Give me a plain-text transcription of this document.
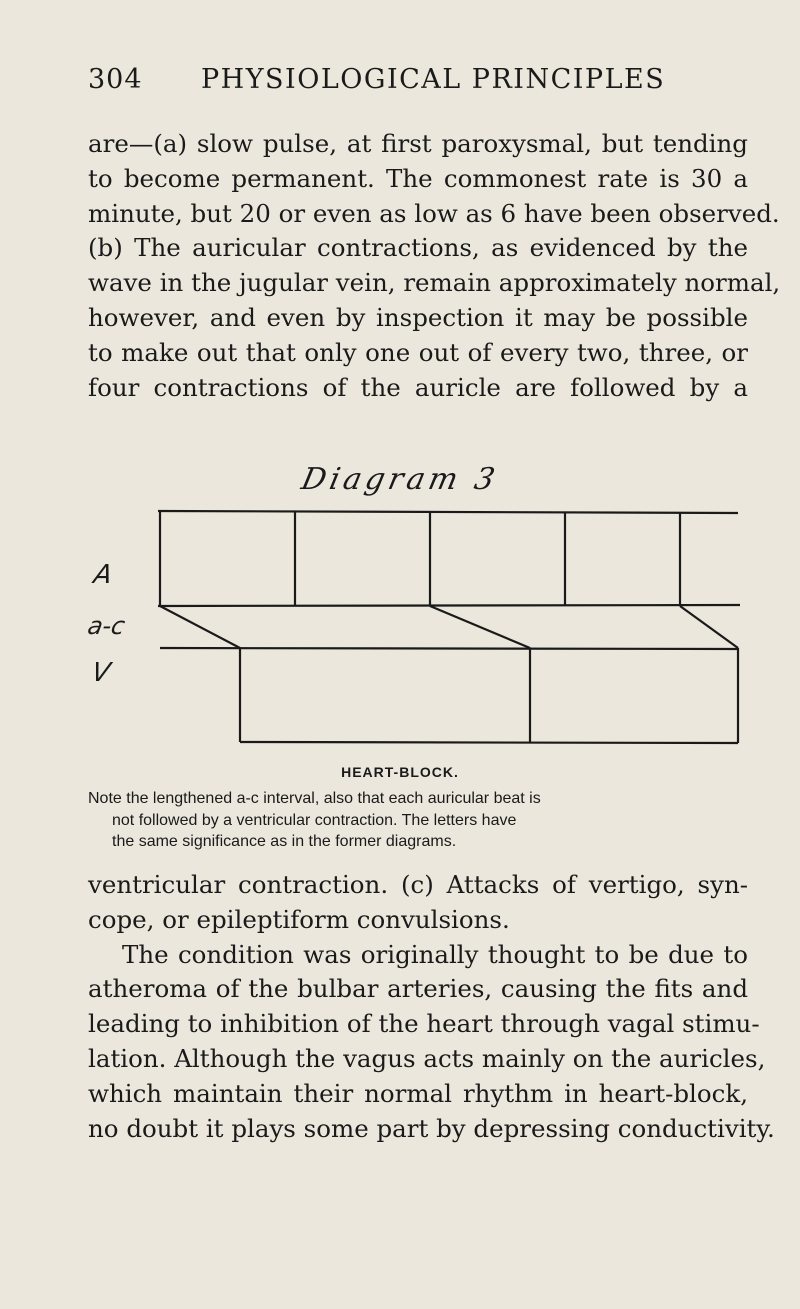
304 PHYSIOLOGICAL PRINCIPLES
are—(a) slow pulse, at first paroxysmal, but tending
to become permanent. The commonest rate is 30 a
minute, but 20 or even as low as 6 have been observed.
(b) The auricular contractions, as evidenced by the
wave in the jugular vein, remain approximately normal,
however, and even by inspection it may be possible
to make out that only one out of every two, three, or
four contractions of the auricle are followed by a
Diagram 3
A
a-c
V
HEART-BLOCK.
Note the lengthened a-c interval, also that each auricular beat is
not followed by a ventricular contraction. The letters have
the same significance as in the former diagrams.
ventricular contraction. (c) Attacks of vertigo, syn-
cope, or epileptiform convulsions.
The condition was originally thought to be due to
atheroma of the bulbar arteries, causing the fits and
leading to inhibition of the heart through vagal stimu-
lation. Although the vagus acts mainly on the auricles,
which maintain their normal rhythm in heart-block,
no doubt it plays some part by depressing conductivity.
